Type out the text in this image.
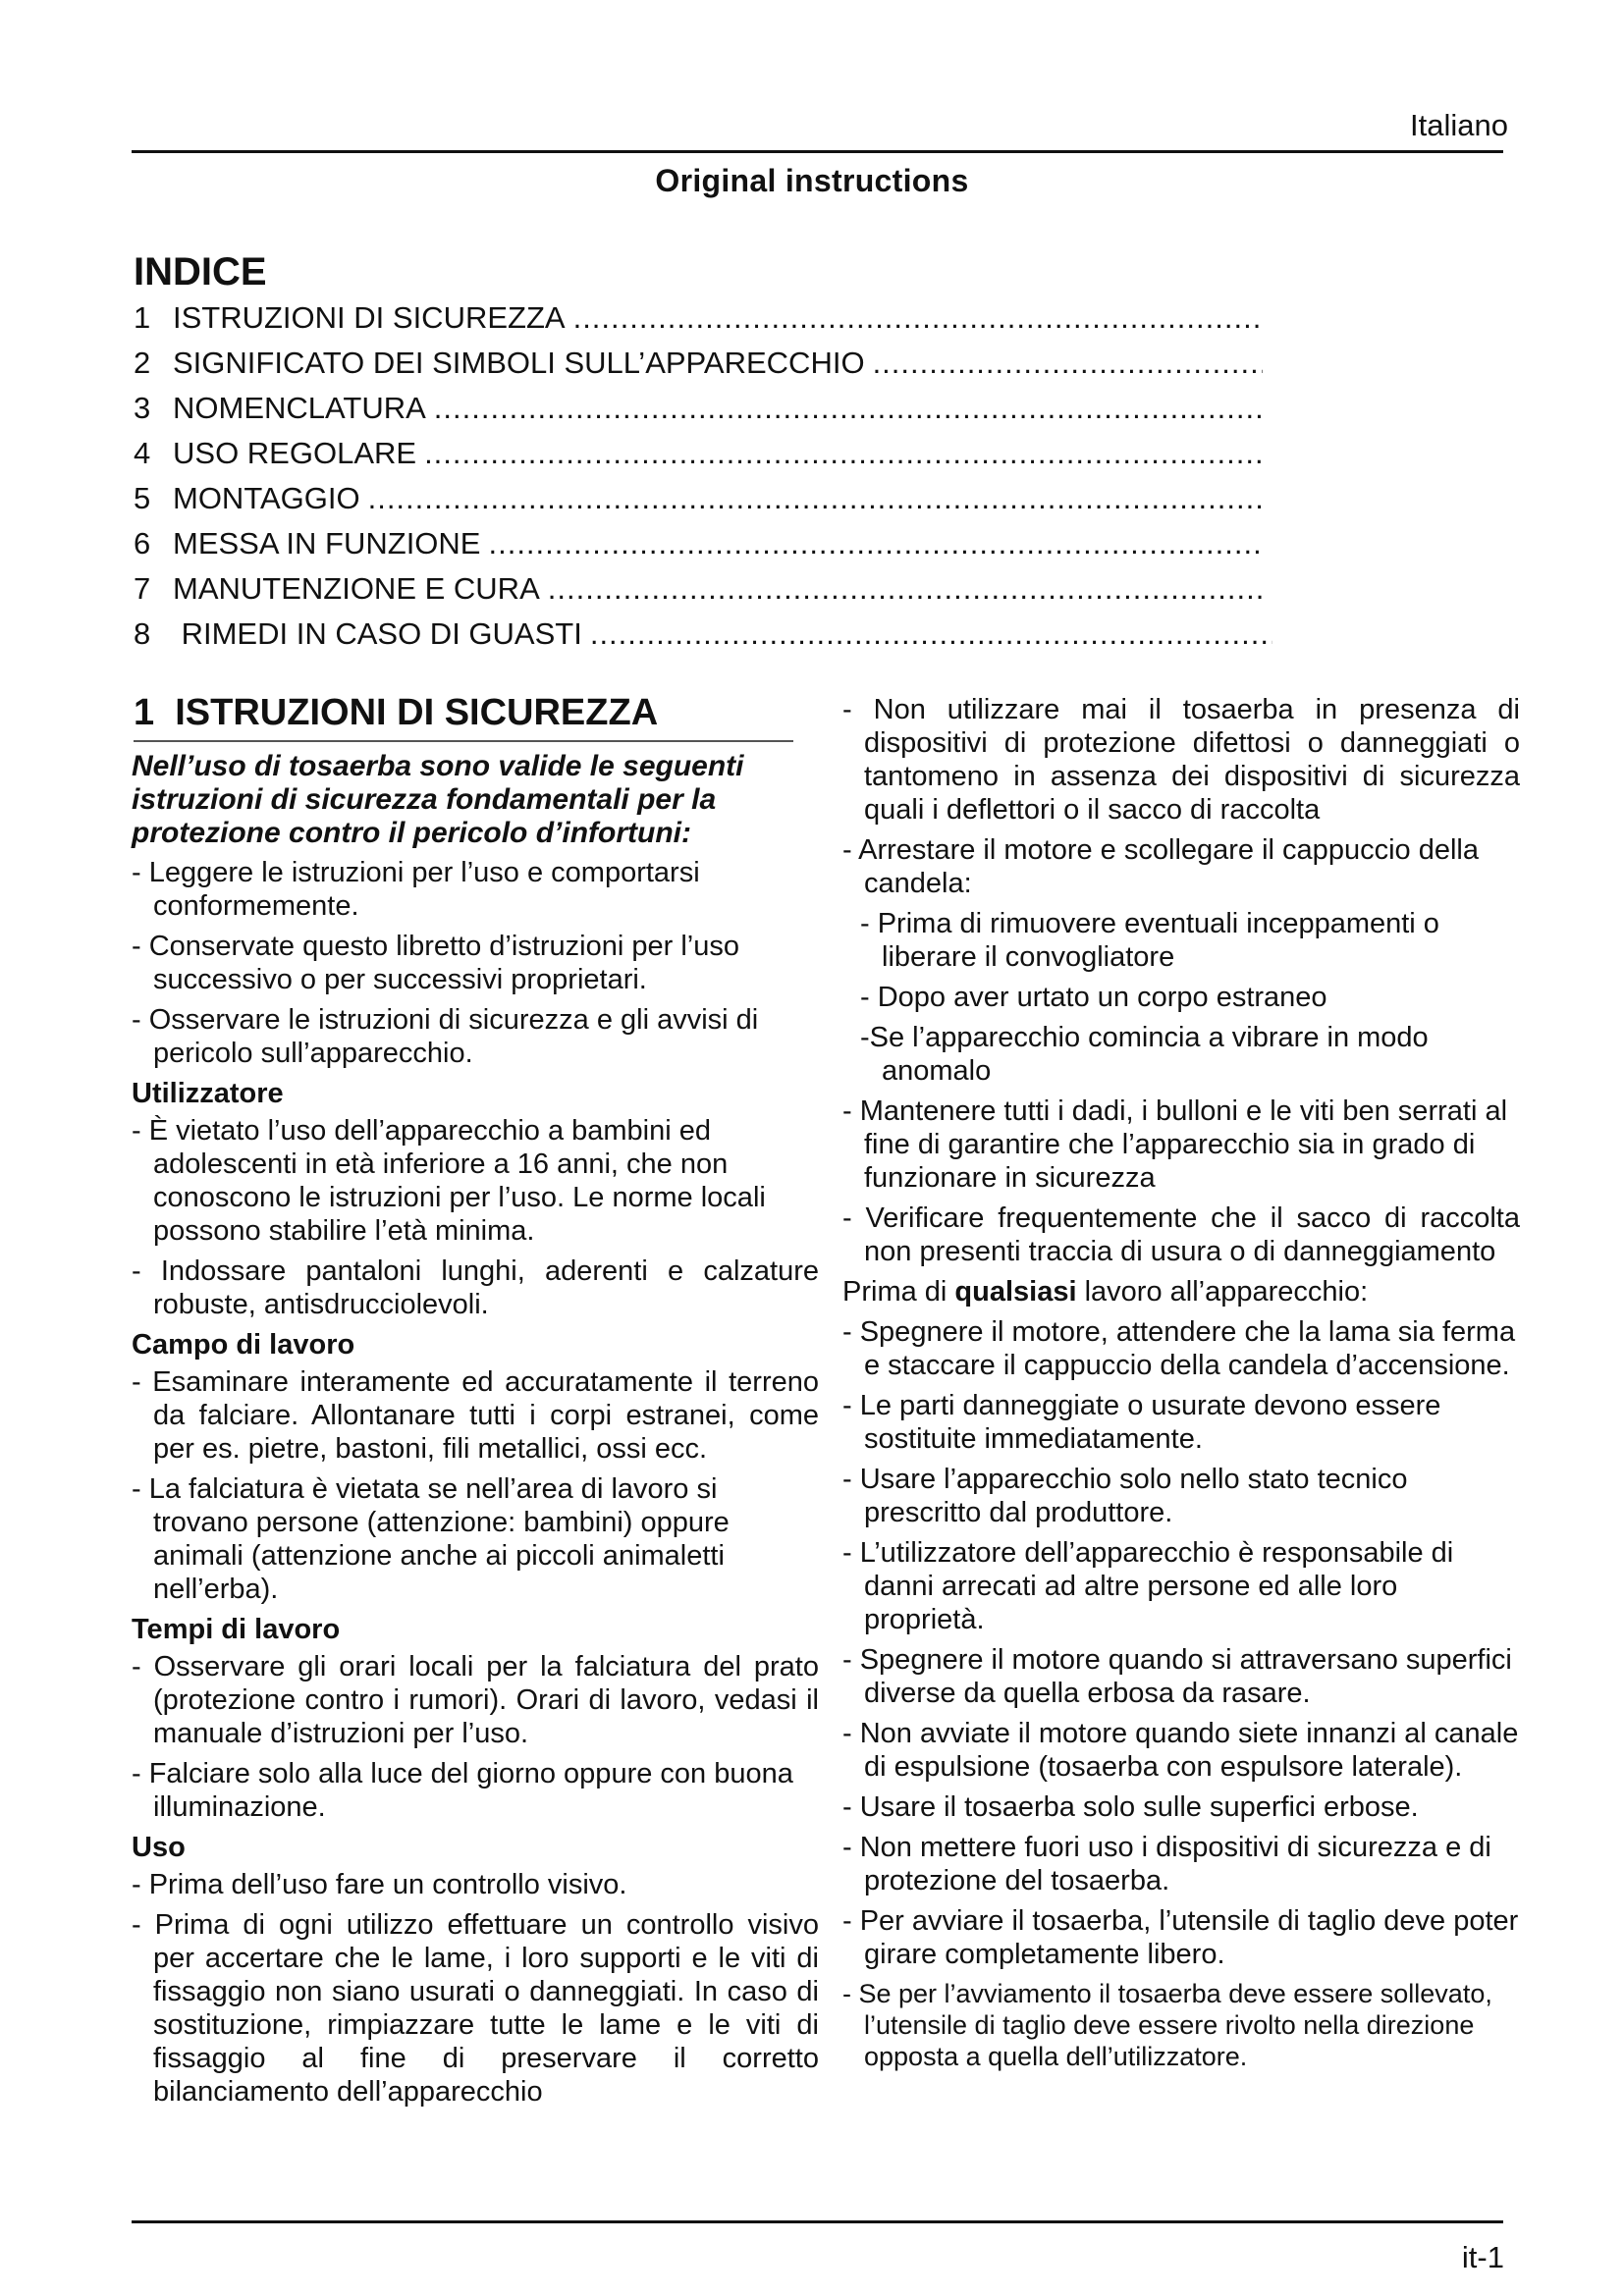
Italiano
Original instructions
INDICE
1 ISTRUZIONI DI SICUREZZA
.....
2 SIGNIFICATO DEI SIMBOLI SULL’APPARECCHIO
.....
3 NOMENCLATURA
.....
4 USO REGOLARE
.....
5 MONTAGGIO
.....
6 MESSA IN FUNZIONE
.....
7 MANUTENZIONE E CURA
.....
8 RIMEDI IN CASO DI GUASTI
.....
1  ISTRUZIONI DI SICUREZZA

Nell’uso di tosaerba sono valide le seguenti istruzioni di sicurezza fondamentali per la protezione contro il pericolo d’infortuni:

- Leggere le istruzioni per l’uso e comportarsi conformemente.

- Conservate questo libretto d’istruzioni per l’uso successivo o per successivi proprietari.

- Osservare le istruzioni di sicurezza e gli avvisi di pericolo sull’apparecchio.

Utilizzatore

- È vietato l’uso dell’apparecchio a bambini ed adolescenti in età inferiore a 16 anni, che non conoscono le istruzioni per l’uso. Le norme locali possono stabilire l’età minima.

- Indossare pantaloni lunghi, aderenti e calzature robuste, antisdrucciolevoli.

Campo di lavoro

- Esaminare interamente ed accuratamente il terreno da falciare. Allontanare tutti i corpi estranei, come per es. pietre, bastoni, fili metallici, ossi ecc.

- La falciatura è vietata se nell’area di lavoro si trovano persone (attenzione: bambini) oppure animali (attenzione anche ai piccoli animaletti nell’erba).

Tempi di lavoro

- Osservare gli orari locali per la falciatura del prato (protezione contro i rumori). Orari di lavoro, vedasi il manuale d’istruzioni per l’uso.

- Falciare solo alla luce del giorno oppure con buona illuminazione.

Uso

- Prima dell’uso fare un controllo visivo.

- Prima di ogni utilizzo effettuare un controllo visivo per accertare che le lame, i loro supporti e le viti di fissaggio non siano usurati o danneggiati. In caso di sostituzione, rimpiazzare tutte le lame e le viti di fissaggio al fine di preservare il corretto bilanciamento dell’apparecchio

- Non utilizzare mai il tosaerba in presenza di dispositivi di protezione difettosi o danneggiati o tantomeno in assenza dei dispositivi di sicurezza quali i deflettori o il sacco di raccolta

- Arrestare il motore e scollegare il cappuccio della candela:

- Prima di rimuovere eventuali inceppamenti o liberare il convogliatore

- Dopo aver urtato un corpo estraneo

-Se l’apparecchio comincia a vibrare in modo anomalo

- Mantenere tutti i dadi, i bulloni e le viti ben serrati al fine di garantire che l’apparecchio sia in grado di funzionare in sicurezza

- Verificare frequentemente che il sacco di raccolta non presenti traccia di usura o di danneggiamento

Prima di qualsiasi lavoro all’apparecchio:

- Spegnere il motore, attendere che la lama sia ferma e staccare il cappuccio della candela d’accensione.

- Le parti danneggiate o usurate devono essere sostituite immediatamente.

- Usare l’apparecchio solo nello stato tecnico prescritto dal produttore.

- L’utilizzatore dell’apparecchio è responsabile di danni arrecati ad altre persone ed alle loro proprietà.

- Spegnere il motore quando si attraversano superfici diverse da quella erbosa da rasare.

- Non avviate il motore quando siete innanzi al canale di espulsione (tosaerba con espulsore laterale).

- Usare il tosaerba solo sulle superfici erbose.

- Non mettere fuori uso i dispositivi di sicurezza e di protezione del tosaerba.

- Per avviare il tosaerba, l’utensile di taglio deve poter girare completamente libero.

- Se per l’avviamento il tosaerba deve essere sollevato, l’utensile di taglio deve essere rivolto nella direzione opposta a quella dell’utilizzatore.

it-1
